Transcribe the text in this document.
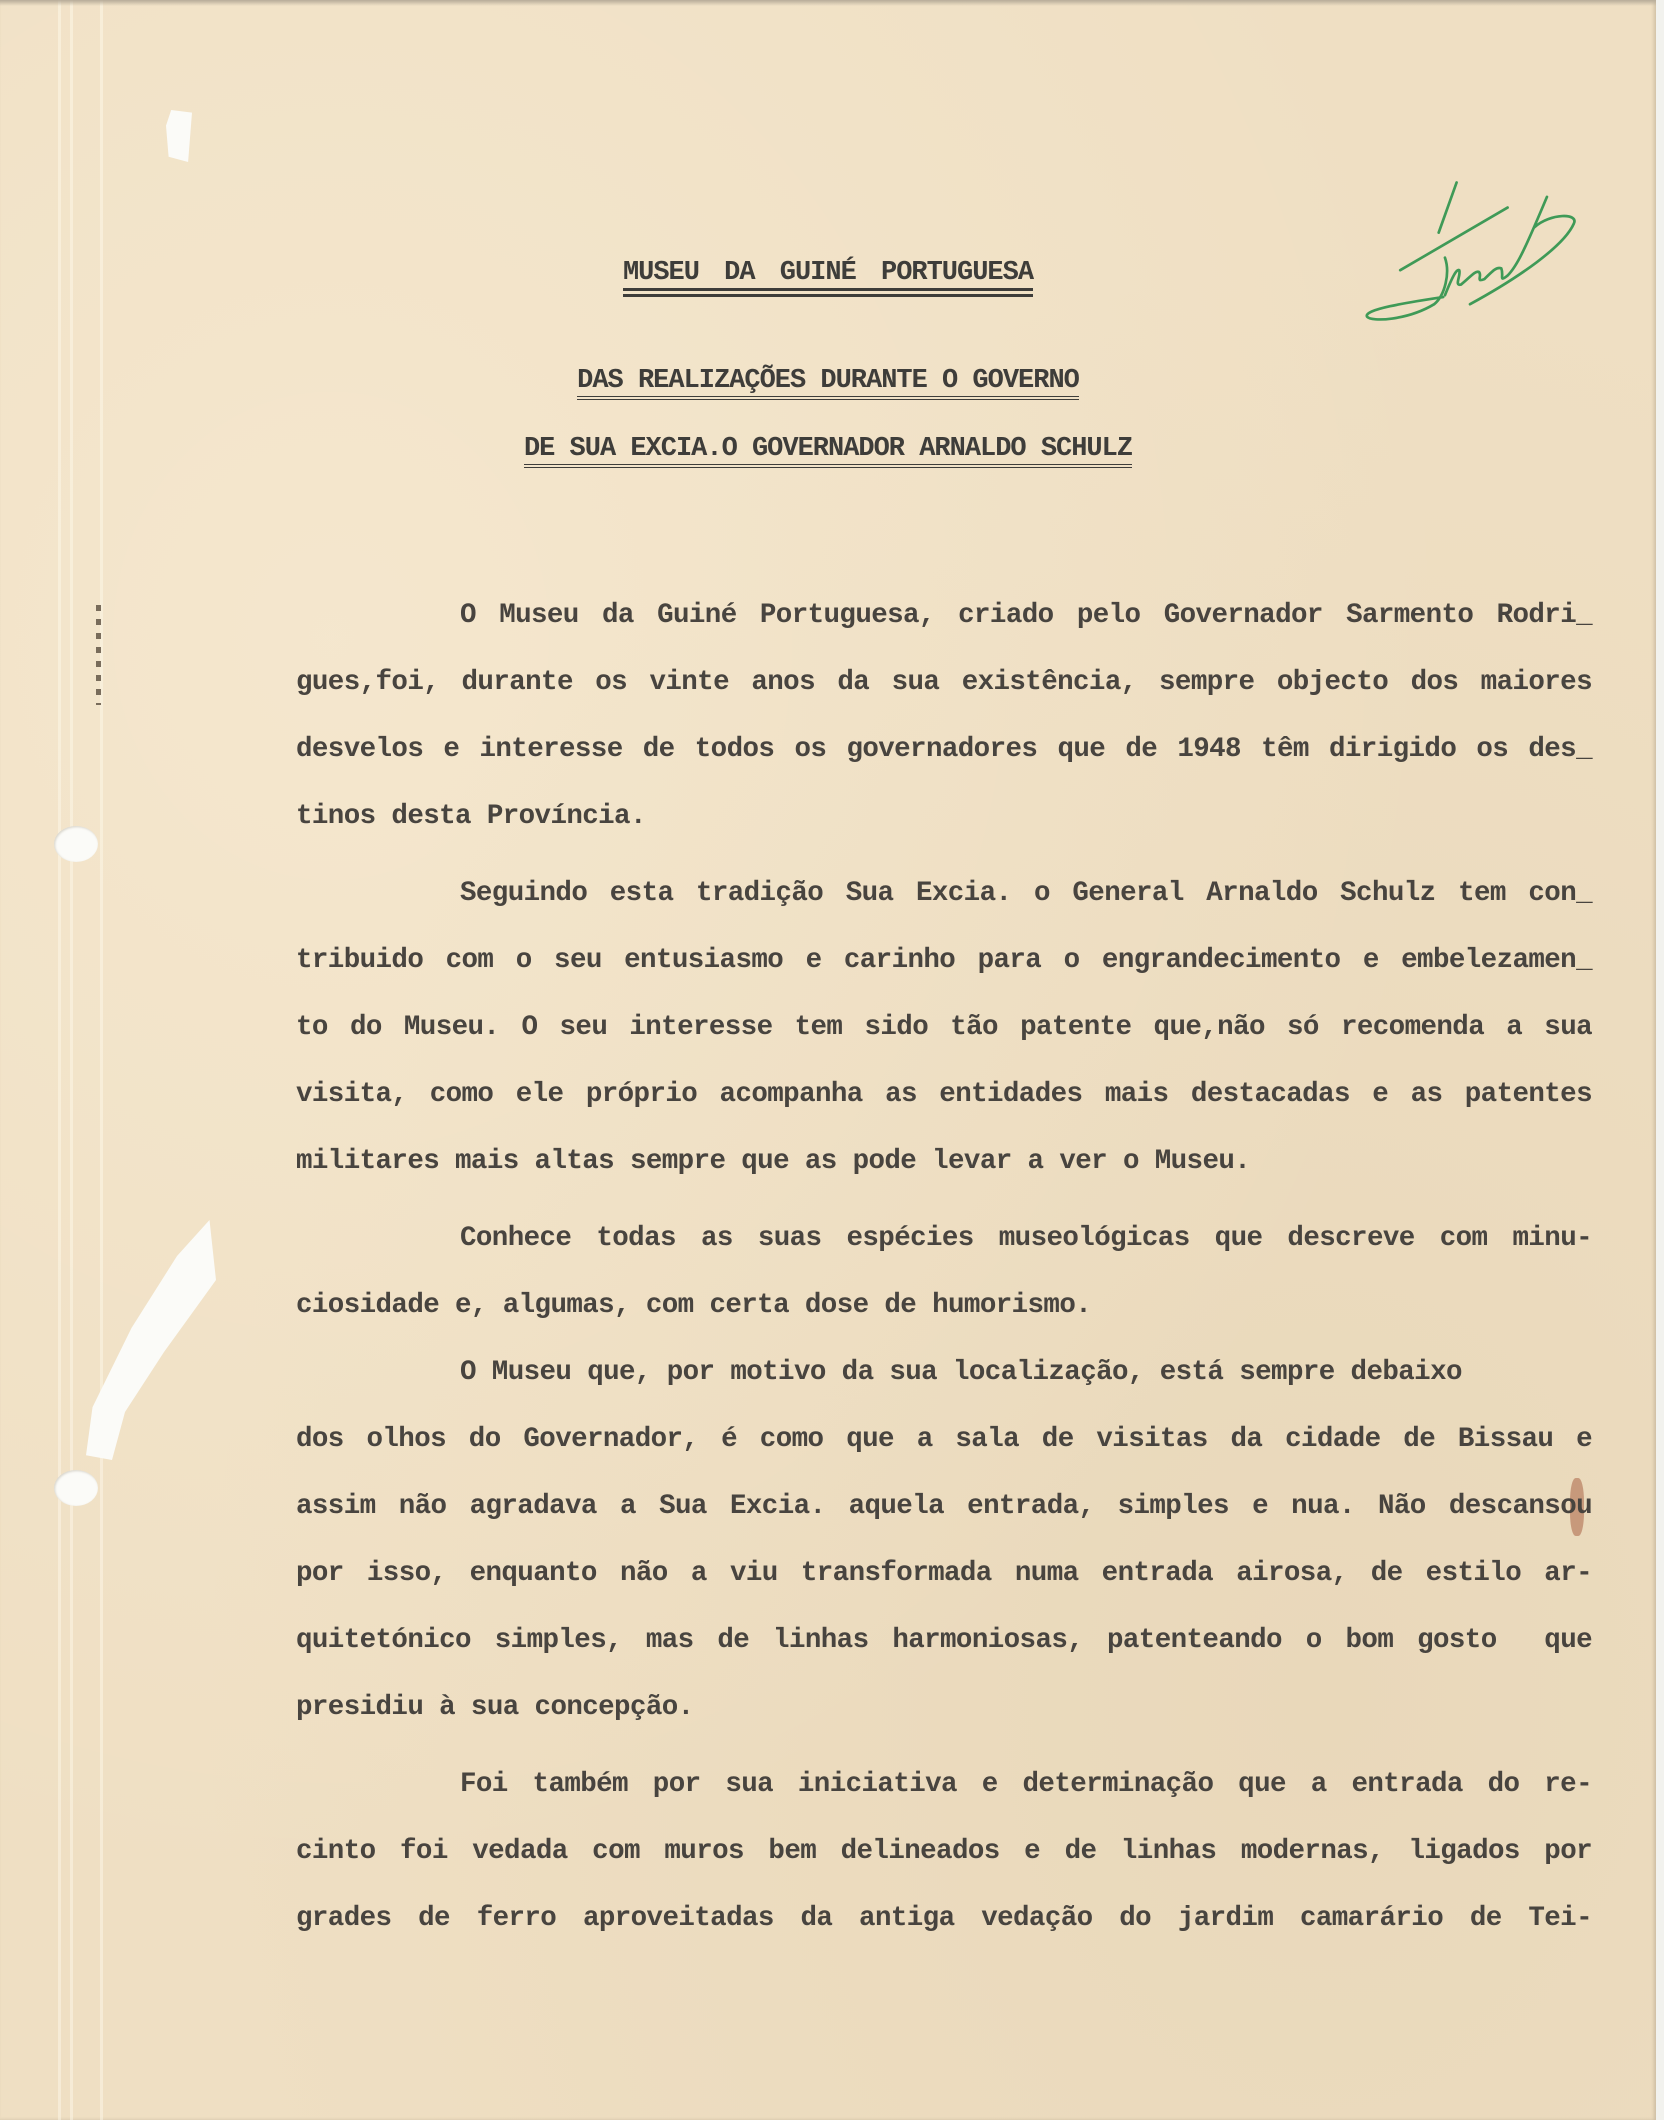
MUSEU DA GUINÉ PORTUGUESA
DAS REALIZAÇÕES DURANTE O GOVERNO
DE SUA EXCIA.O GOVERNADOR ARNALDO SCHULZ
O Museu da Guiné Portuguesa, criado pelo Governador Sarmento Rodri_
gues,foi, durante os vinte anos da sua existência, sempre objecto dos maiores
desvelos e interesse de todos os governadores que de 1948 têm dirigido os des_
tinos desta Província.
Seguindo esta tradição Sua Excia. o General Arnaldo Schulz tem con_
tribuido com o seu entusiasmo e carinho para o engrandecimento e embelezamen_
to do Museu. O seu interesse tem sido tão patente que,não só recomenda a sua
visita, como ele próprio acompanha as entidades mais destacadas e as patentes
militares mais altas sempre que as pode levar a ver o Museu.
Conhece todas as suas espécies museológicas que descreve com minu-
ciosidade e, algumas, com certa dose de humorismo.
O Museu que, por motivo da sua localização, está sempre debaixo
dos olhos do Governador, é como que a sala de visitas da cidade de Bissau e
assim não agradava a Sua Excia. aquela entrada, simples e nua. Não descansou
por isso, enquanto não a viu transformada numa entrada airosa, de estilo ar-
quitetónico simples, mas de linhas harmoniosas, patenteando o bom gosto  que
presidiu à sua concepção.
Foi também por sua iniciativa e determinação que a entrada do re-
cinto foi vedada com muros bem delineados e de linhas modernas, ligados por
grades de ferro aproveitadas da antiga vedação do jardim camarário de Tei-
